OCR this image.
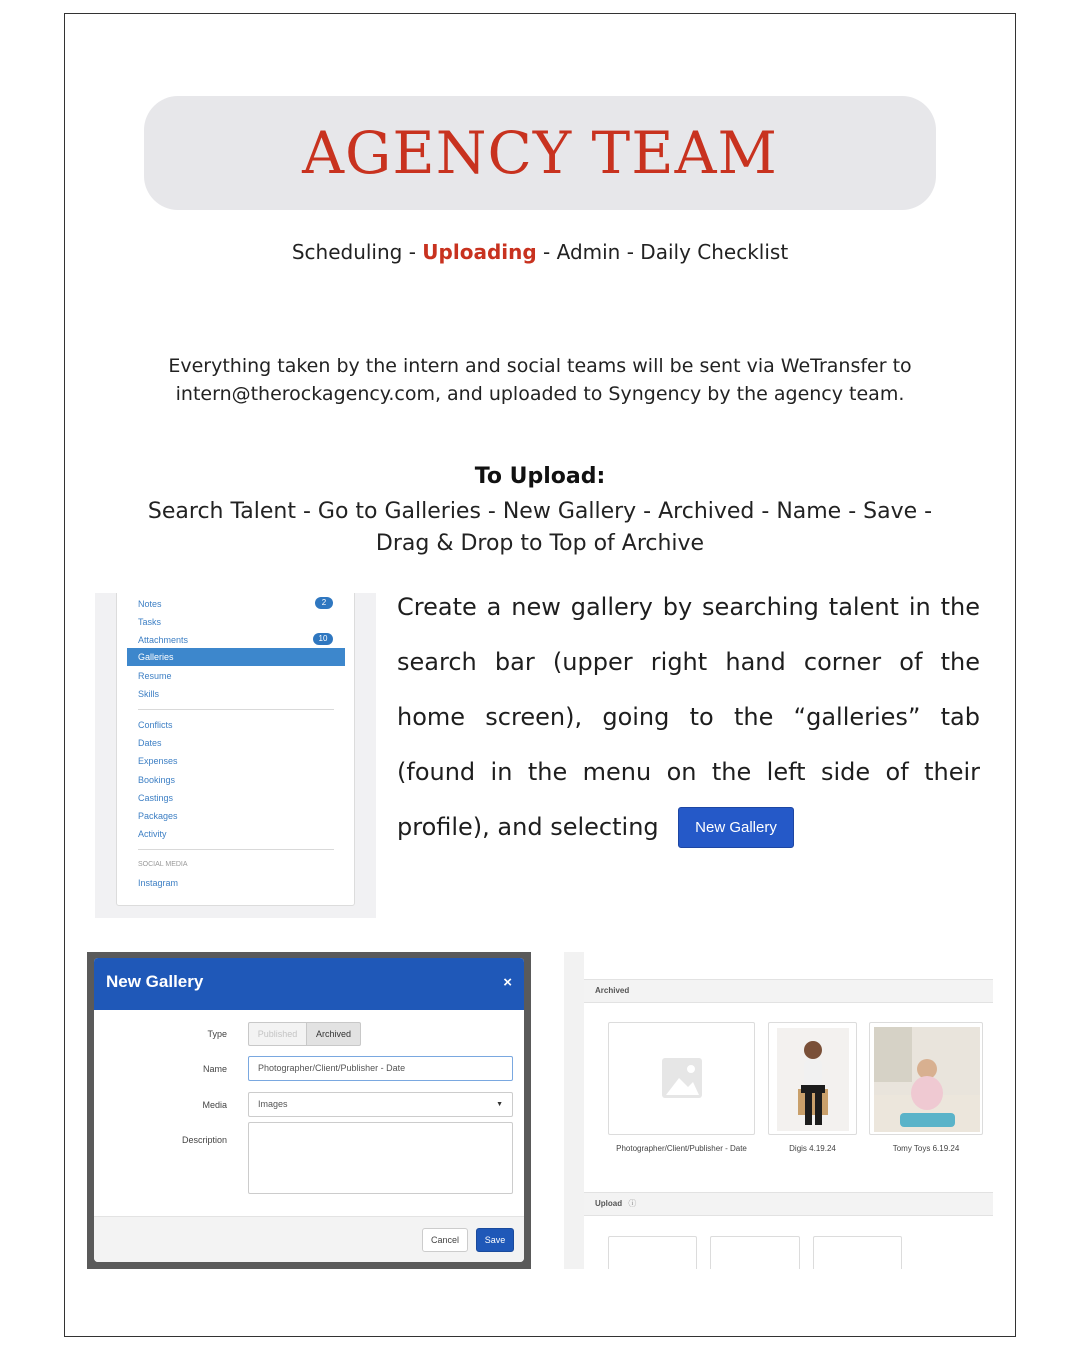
AGENCY TEAM
Scheduling - Uploading - Admin - Daily Checklist

Everything taken by the intern and social teams will be sent via WeTransfer to intern@therockagency.com, and uploaded to Syngency by the agency team.

To Upload:
Search Talent - Go to Galleries - New Gallery - Archived - Name - Save -
Drag & Drop to Top of Archive
Notes	2
Tasks
Attachments	10
Galleries
Resume
Skills
Conflicts
Dates
Expenses
Bookings
Castings
Packages
Activity
SOCIAL MEDIA
Instagram

Create a new gallery by searching talent in the search bar (upper right hand corner of the home screen), going to the “galleries” tab (found in the menu on the left side of their profile), and selecting	New Gallery
New Gallery	×
Type	Published	Archived
Name	Photographer/Client/Publisher - Date
Media	Images	▼
Description
Cancel	Save
Archived
Photographer/Client/Publisher - Date	Digis 4.19.24	Tomy Toys 6.19.24
Upload ⓘ
